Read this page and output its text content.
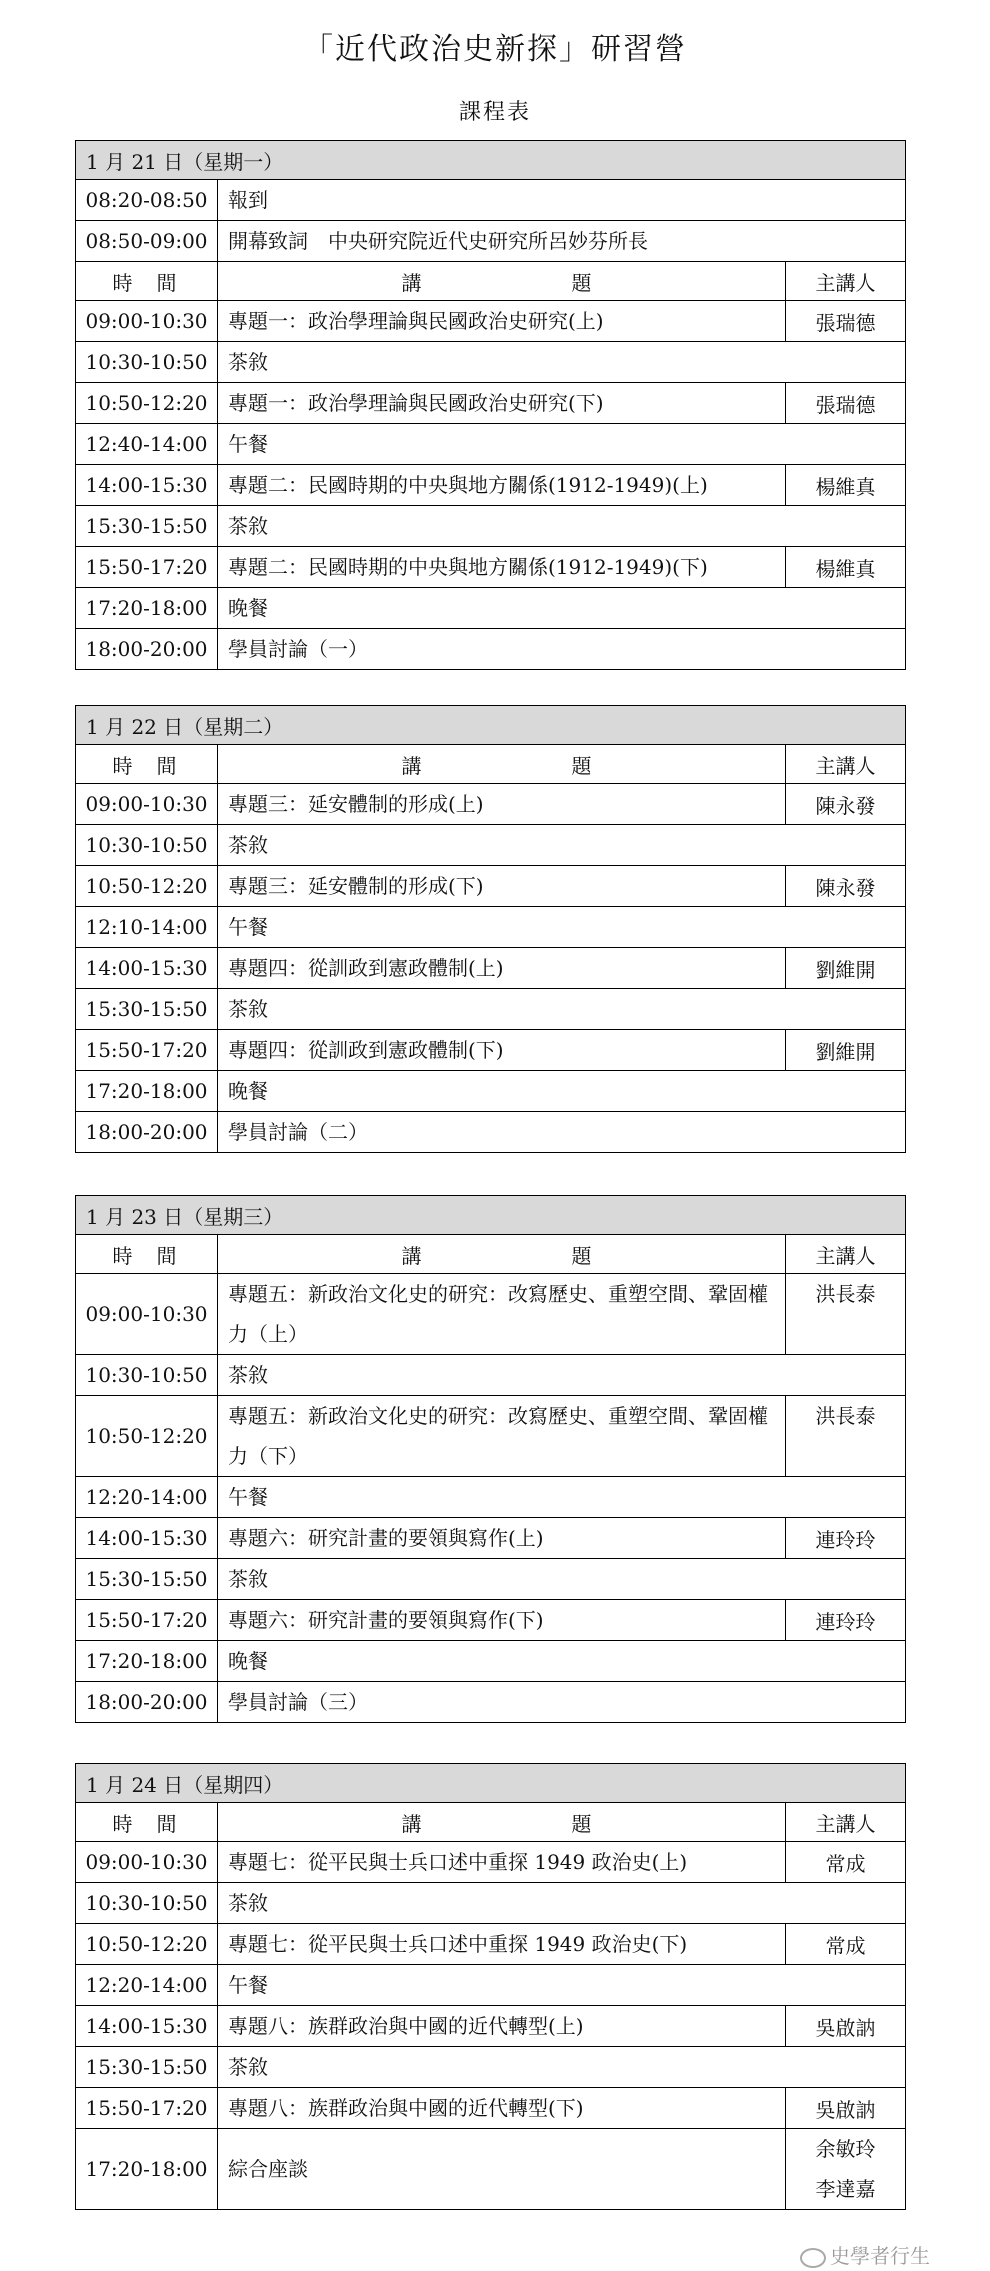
「近代政治史新探」研習營
課程表
1 月 21 日（星期一）		
08:20-08:50	報到	
08:50-09:00	開幕致詞　中央研究院近代史研究所呂妙芬所長	
時間	講題	主講人
09:00-10:30	專題一：政治學理論與民國政治史研究(上)	張瑞德
10:30-10:50	茶敘	
10:50-12:20	專題一：政治學理論與民國政治史研究(下)	張瑞德
12:40-14:00	午餐	
14:00-15:30	專題二：民國時期的中央與地方關係(1912-1949)(上)	楊維真
15:30-15:50	茶敘	
15:50-17:20	專題二：民國時期的中央與地方關係(1912-1949)(下)	楊維真
17:20-18:00	晚餐	
18:00-20:00	學員討論（一）	
1 月 22 日（星期二）		
時間	講題	主講人
09:00-10:30	專題三：延安體制的形成(上)	陳永發
10:30-10:50	茶敘	
10:50-12:20	專題三：延安體制的形成(下)	陳永發
12:10-14:00	午餐	
14:00-15:30	專題四：從訓政到憲政體制(上)	劉維開
15:30-15:50	茶敘	
15:50-17:20	專題四：從訓政到憲政體制(下)	劉維開
17:20-18:00	晚餐	
18:00-20:00	學員討論（二）	
1 月 23 日（星期三）		
時間	講題	主講人
09:00-10:30	專題五：新政治文化史的研究：改寫歷史、重塑空間、鞏固權力（上）	洪長泰
10:30-10:50	茶敘	
10:50-12:20	專題五：新政治文化史的研究：改寫歷史、重塑空間、鞏固權力（下）	洪長泰
12:20-14:00	午餐	
14:00-15:30	專題六：研究計畫的要領與寫作(上)	連玲玲
15:30-15:50	茶敘	
15:50-17:20	專題六：研究計畫的要領與寫作(下)	連玲玲
17:20-18:00	晚餐	
18:00-20:00	學員討論（三）	
1 月 24 日（星期四）		
時間	講題	主講人
09:00-10:30	專題七：從平民與士兵口述中重探 1949 政治史(上)	常成
10:30-10:50	茶敘	
10:50-12:20	專題七：從平民與士兵口述中重探 1949 政治史(下)	常成
12:20-14:00	午餐	
14:00-15:30	專題八：族群政治與中國的近代轉型(上)	吳啟訥
15:30-15:50	茶敘	
15:50-17:20	專題八：族群政治與中國的近代轉型(下)	吳啟訥
17:20-18:00	綜合座談	余敏玲
李達嘉
史學者行生
